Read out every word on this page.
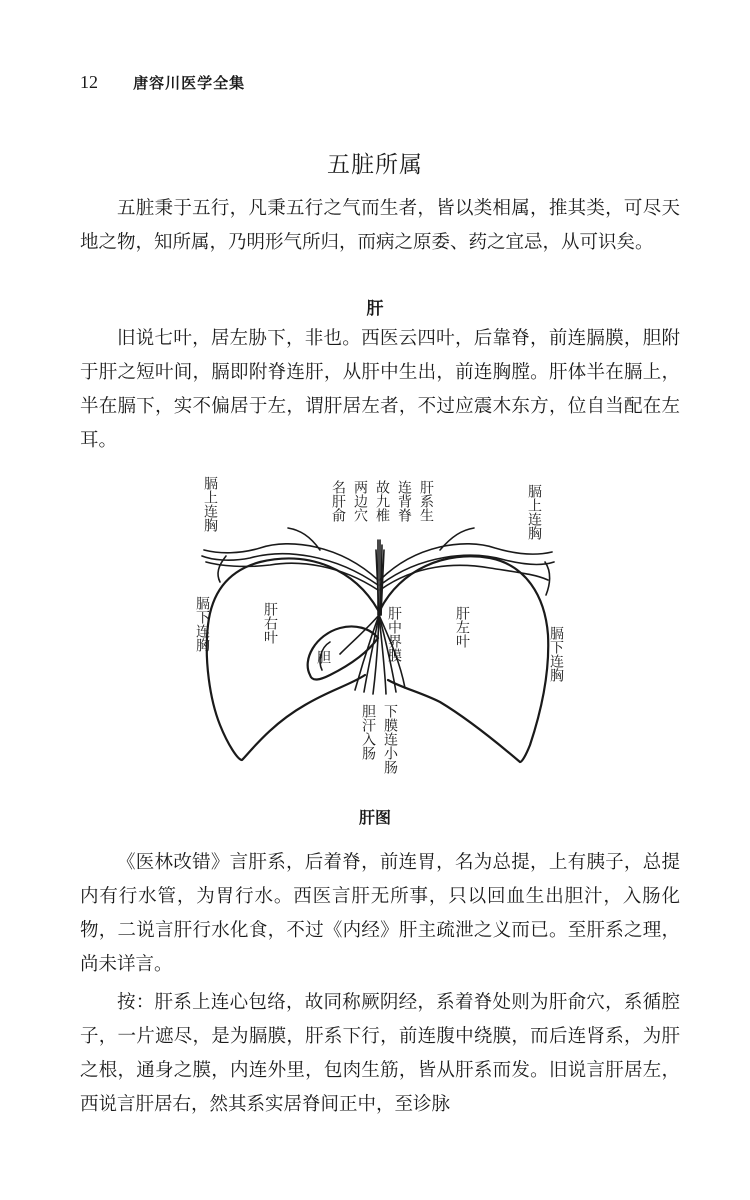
12 唐容川医学全集
五脏所属

五脏秉于五行，凡秉五行之气而生者，皆以类相属，推其类，可尽天地之物，知所属，乃明形气所归，而病之原委、药之宜忌，从可识矣。

肝

旧说七叶，居左胁下，非也。西医云四叶，后靠脊，前连膈膜，胆附于肝之短叶间，膈即附脊连肝，从肝中生出，前连胸膛。肝体半在膈上，半在膈下，实不偏居于左，谓肝居左者，不过应震木东方，位自当配在左耳。

膈上连胸
膈下连胸
膈上连胸
膈下连胸
名肝俞 两边穴 故九椎 连背脊 肝系生
肝右叶	肝左叶
肝中界膜
胆
胆汗入肠 下膜连小肠
肝图

《医林改错》言肝系，后着脊，前连胃，名为总提，上有胰子，总提内有行水管，为胃行水。西医言肝无所事，只以回血生出胆汁，入肠化物，二说言肝行水化食，不过《内经》肝主疏泄之义而已。至肝系之理，尚未详言。

按：肝系上连心包络，故同称厥阴经，系着脊处则为肝俞穴，系循腔子，一片遮尽，是为膈膜，肝系下行，前连腹中绕膜，而后连肾系，为肝之根，通身之膜，内连外里，包肉生筋，皆从肝系而发。旧说言肝居左，西说言肝居右，然其系实居脊间正中，至诊脉
